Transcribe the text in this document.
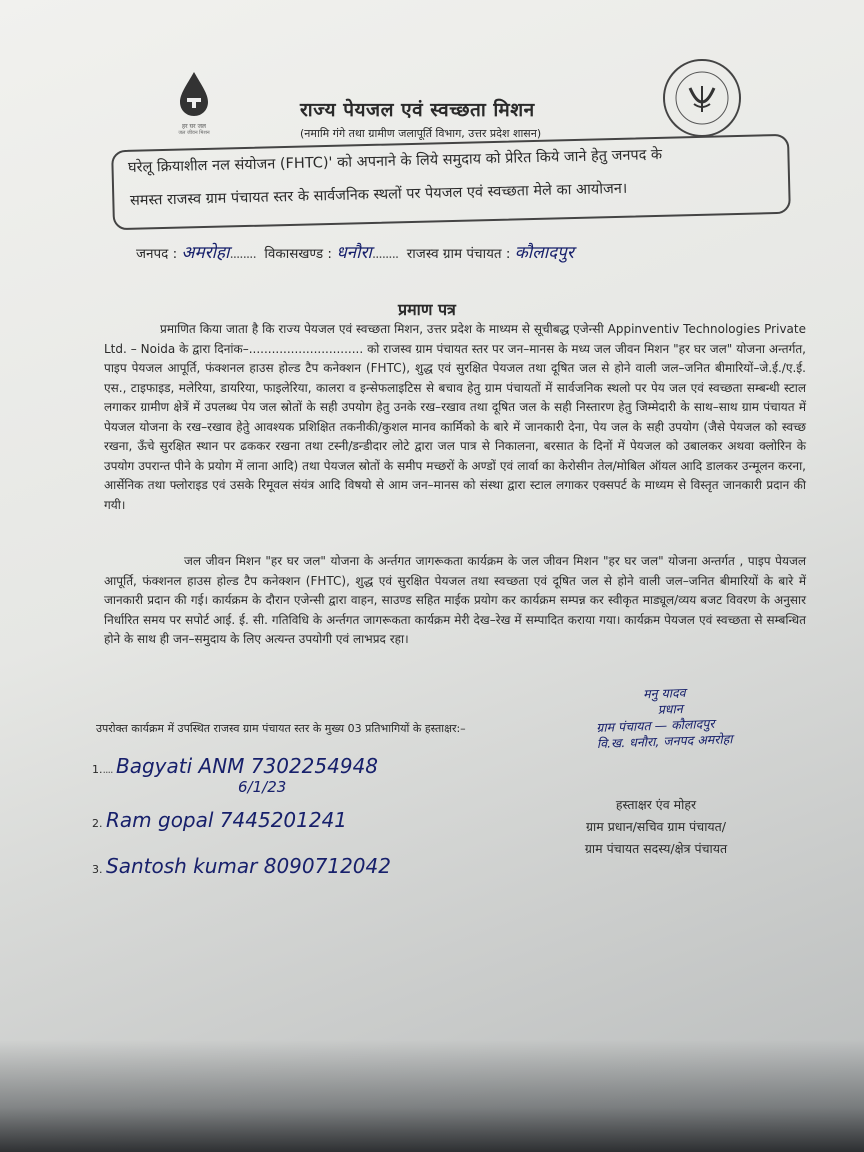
हर घर जल
जल जीवन मिशन
राज्य पेयजल एवं स्वच्छता मिशन
(नमामि गंगे तथा ग्रामीण जलापूर्ति विभाग, उत्तर प्रदेश शासन)
घरेलू क्रियाशील नल संयोजन (FHTC)' को अपनाने के लिये समुदाय को प्रेरित किये जाने हेतु जनपद के
समस्त राजस्व ग्राम पंचायत स्तर के सार्वजनिक स्थलों पर पेयजल एवं स्वच्छता मेले का आयोजन।
जनपद : अमरोहा........ विकासखण्ड : धनौरा........ राजस्व ग्राम पंचायत : कौलादपुर
प्रमाण पत्र
प्रमाणित किया जाता है कि राज्य पेयजल एवं स्वच्छता मिशन, उत्तर प्रदेश के माध्यम से सूचीबद्ध एजेन्सी Appinventiv Technologies Private Ltd. – Noida के द्वारा दिनांक–.............................. को राजस्व ग्राम पंचायत स्तर पर जन–मानस के मध्य जल जीवन मिशन "हर घर जल" योजना अन्तर्गत, पाइप पेयजल आपूर्ति, फंक्शनल हाउस होल्ड टैप कनेक्शन (FHTC), शुद्ध एवं सुरक्षित पेयजल तथा दूषित जल से होने वाली जल–जनित बीमारियों–जे.ई./ए.ई. एस., टाइफाइड, मलेरिया, डायरिया, फाइलेरिया, कालरा व इन्सेफलाइटिस से बचाव हेतु ग्राम पंचायतों में सार्वजनिक स्थलो पर पेय जल एवं स्वच्छता सम्बन्धी स्टाल लगाकर ग्रामीण क्षेत्रें में उपलब्ध पेय जल स्रोतों के सही उपयोग हेतु उनके रख–रखाव तथा दूषित जल के सही निस्तारण हेतु जिम्मेदारी के साथ–साथ ग्राम पंचायत में पेयजल योजना के रख–रखाव हेतुे आवश्यक प्रशिक्षित तकनीकी/कुशल मानव कार्मिको के बारे में जानकारी देना, पेय जल के सही उपयोग (जैसे पेयजल को स्वच्छ रखना, ऊँचे सुरक्षित स्थान पर ढककर रखना तथा टस्नी/डन्डीदार लोटे द्वारा जल पात्र से निकालना, बरसात के दिनों में पेयजल को उबालकर अथवा क्लोरिन के उपयोग उपरान्त पीने के प्रयोग में लाना आदि) तथा पेयजल स्रोतों के समीप मच्छरों के अण्डों एवं लार्वा का केरोसीन तेल/मोबिल ऑयल आदि डालकर उन्मूलन करना, आर्सेनिक तथा फ्लोराइड एवं उसके रिमूवल संयंत्र आदि विषयो से आम जन–मानस को संस्था द्वारा स्टाल लगाकर एक्सपर्ट के माध्यम से विस्तृत जानकारी प्रदान की गयी।
जल जीवन मिशन "हर घर जल" योजना के अर्न्तगत जागरूकता कार्यक्रम के जल जीवन मिशन "हर घर जल" योजना अन्तर्गत , पाइप पेयजल आपूर्ति, फंक्शनल हाउस होल्ड टैप कनेक्शन (FHTC), शुद्ध एवं सुरक्षित पेयजल तथा स्वच्छता एवं दूषित जल से होने वाली जल–जनित बीमारियों के बारे में जानकारी प्रदान की गई। कार्यक्रम के दौरान एजेन्सी द्वारा वाहन, साउण्ड सहित माईक प्रयोग कर कार्यक्रम सम्पन्न कर स्वीकृत माड्यूल/व्यय बजट विवरण के अनुसार निर्धारित समय पर सपोर्ट आई. ई. सी. गतिविधि के अर्न्तगत जागरूकता कार्यक्रम मेरी देख–रेख में सम्पादित कराया गया। कार्यक्रम पेयजल एवं स्वच्छता से सम्बन्धित होने के साथ ही जन–समुदाय के लिए अत्यन्त उपयोगी एवं लाभप्रद रहा।
उपरोक्त कार्यक्रम में उपस्थित राजस्व ग्राम पंचायत स्तर के मुख्य 03 प्रतिभागियों के हस्ताक्षर:–
1..... Bagyati ANM 7302254948
6/1/23
2. Ram gopal 7445201241
3. Santosh kumar 8090712042
मनु यादव
प्रधान
ग्राम पंचायत — कौलादपुर
वि.ख. धनौरा, जनपद अमरोहा
हस्ताक्षर एंव मोहर
ग्राम प्रधान/सचिव ग्राम पंचायत/
ग्राम पंचायत सदस्य/क्षेत्र पंचायत
